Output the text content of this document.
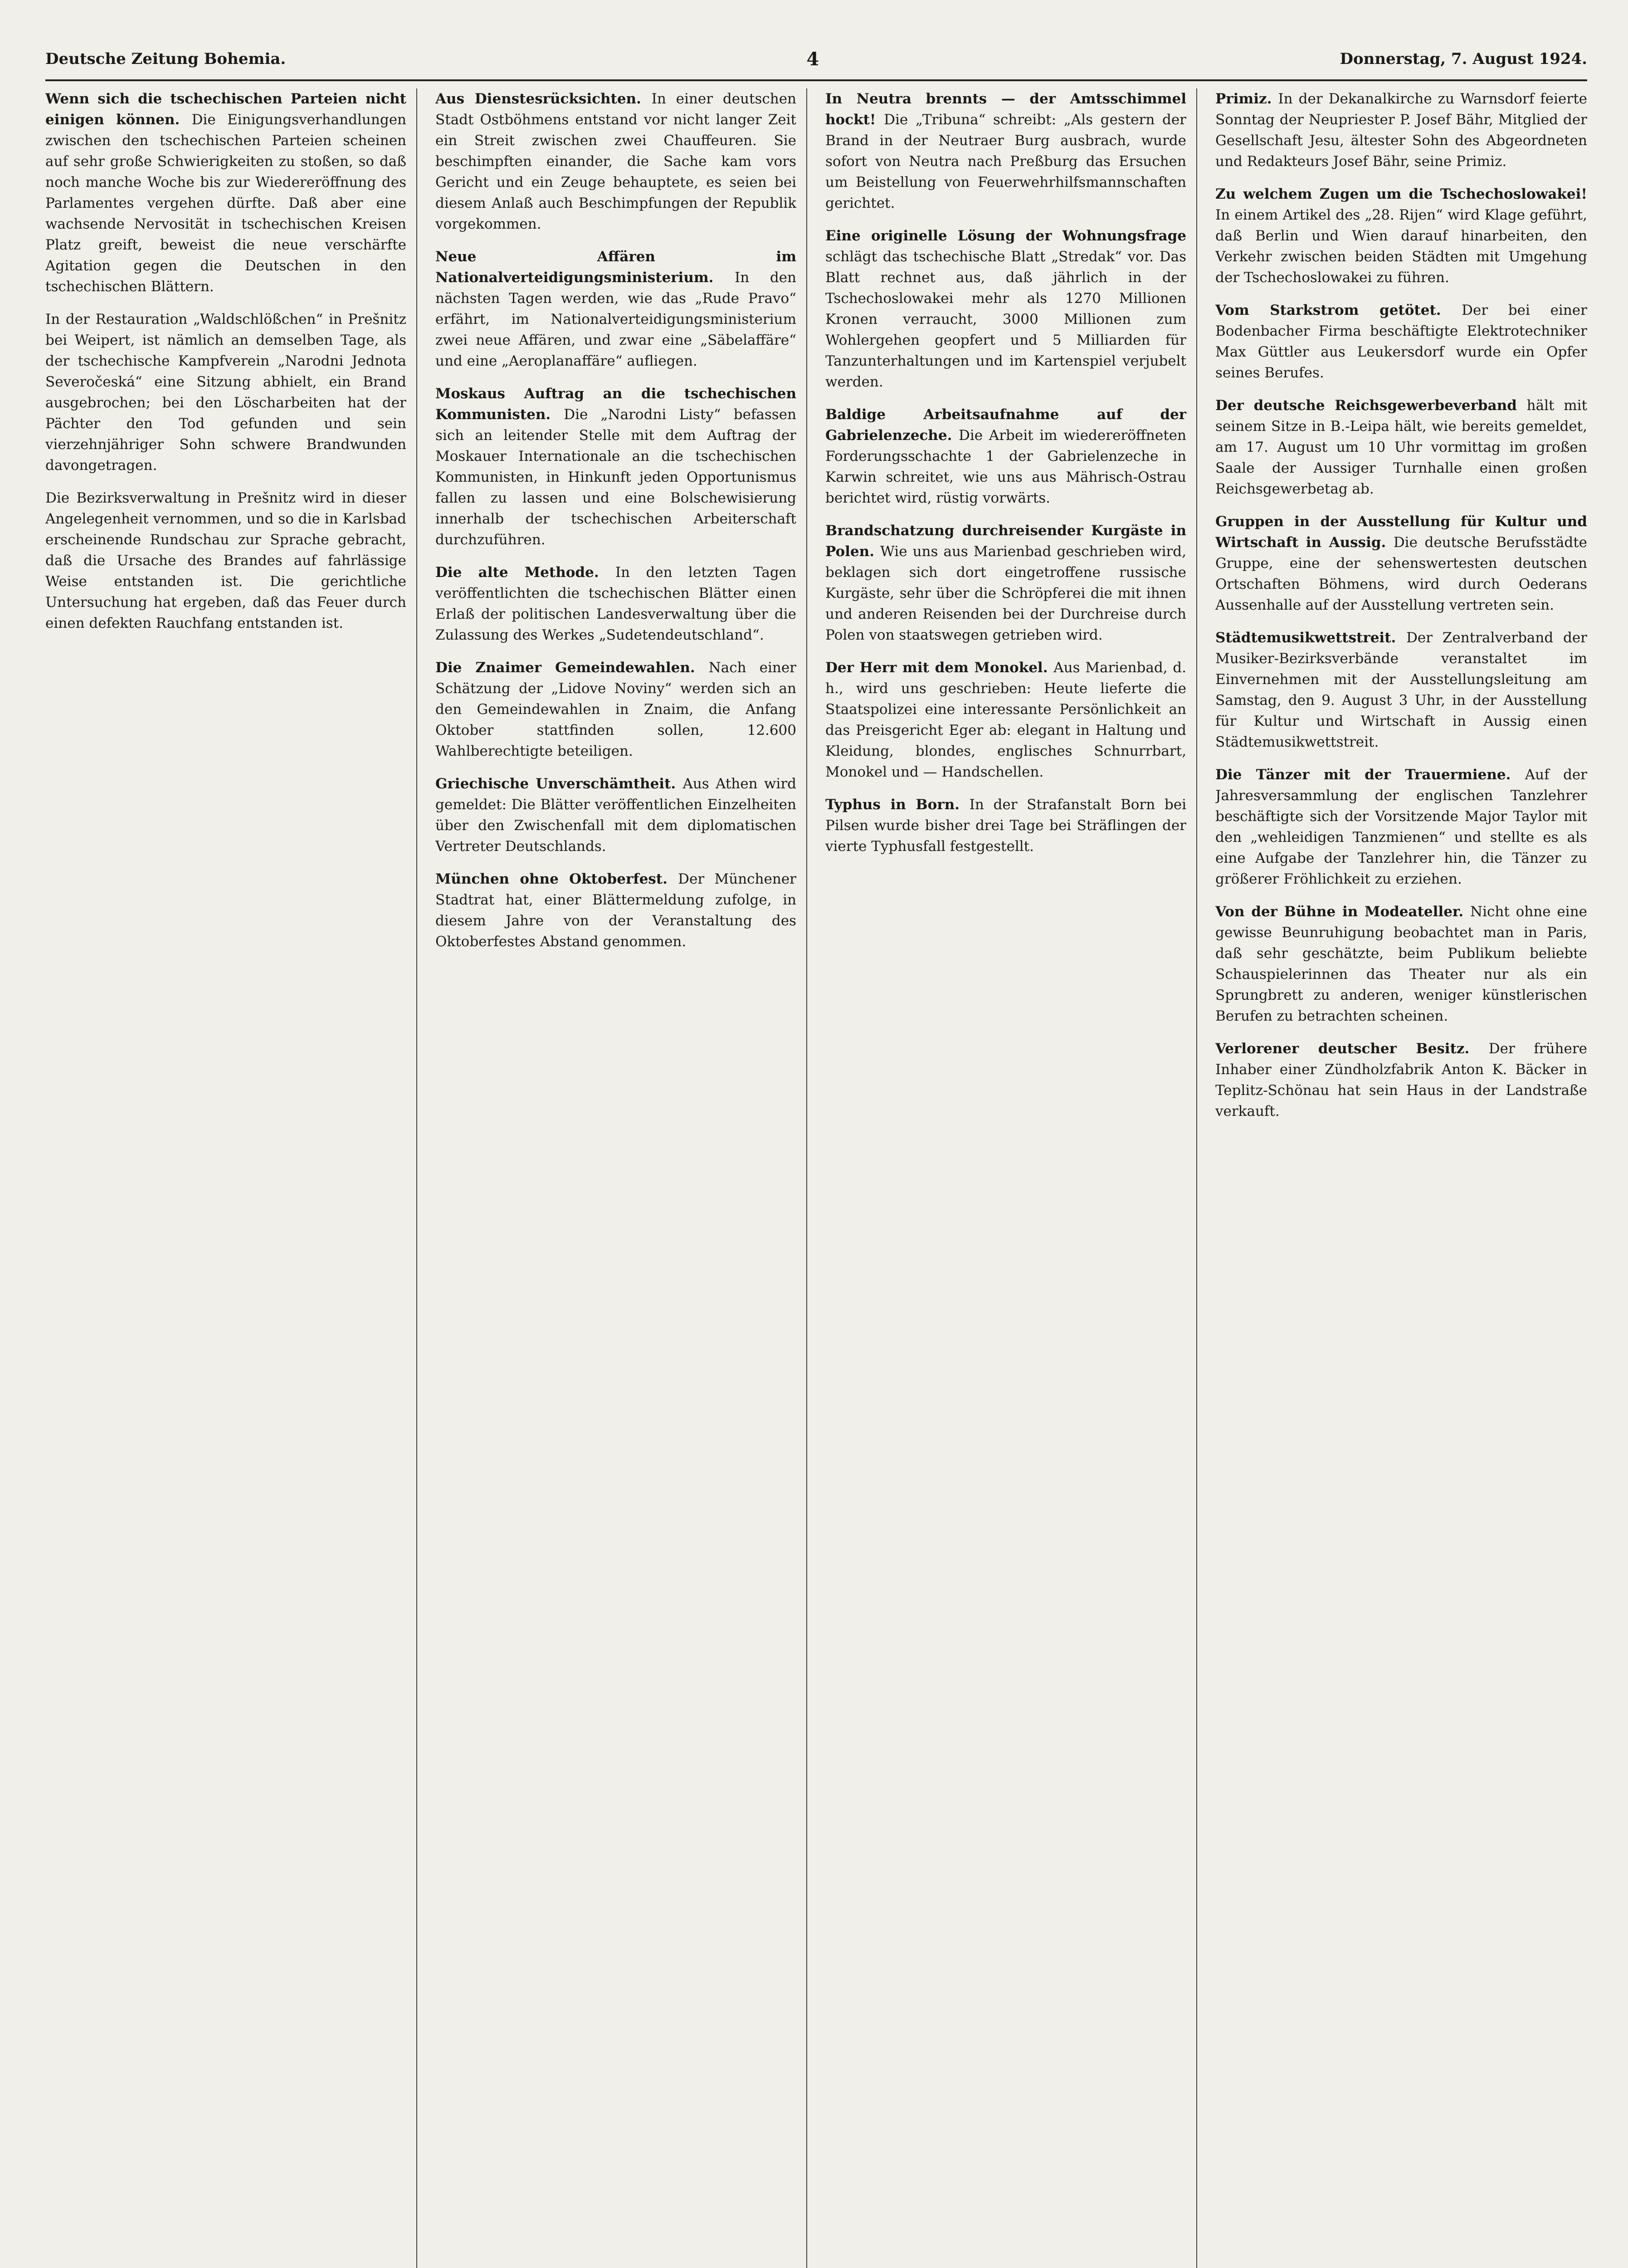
Deutsche Zeitung Bohemia.	4	Donnerstag, 7. August 1924.

Wenn sich die tschechischen Parteien nicht einigen können. Die Einigungsverhandlungen zwischen den tschechischen Parteien scheinen auf sehr große Schwierigkeiten zu stoßen, so daß noch manche Woche bis zur Wiedereröffnung des Parlamentes vergehen dürfte. Daß aber eine wachsende Nervosität in tschechischen Kreisen Platz greift, beweist die neue verschärfte Agitation gegen die Deutschen in den tschechischen Blättern.

In der Restauration „Waldschlößchen“ in Prešnitz bei Weipert, ist nämlich an demselben Tage, als der tschechische Kampfverein „Narodni Jednota Severočeská“ eine Sitzung abhielt, ein Brand ausgebrochen; bei den Löscharbeiten hat der Pächter den Tod gefunden und sein vierzehnjähriger Sohn schwere Brandwunden davongetragen.

Die Bezirksverwaltung in Prešnitz wird in dieser Angelegenheit vernommen, und so die in Karlsbad erscheinende Rundschau zur Sprache gebracht, daß die Ursache des Brandes auf fahrlässige Weise entstanden ist. Die gerichtliche Untersuchung hat ergeben, daß das Feuer durch einen defekten Rauchfang entstanden ist.

Aus Dienstesrücksichten. In einer deutschen Stadt Ostböhmens entstand vor nicht langer Zeit ein Streit zwischen zwei Chauffeuren. Sie beschimpften einander, die Sache kam vors Gericht und ein Zeuge behauptete, es seien bei diesem Anlaß auch Beschimpfungen der Republik vorgekommen.

Neue Affären im Nationalverteidigungsministerium. In den nächsten Tagen werden, wie das „Rude Pravo“ erfährt, im Nationalverteidigungsministerium zwei neue Affären, und zwar eine „Säbelaffäre“ und eine „Aeroplanaffäre“ aufliegen.

Moskaus Auftrag an die tschechischen Kommunisten. Die „Narodni Listy“ befassen sich an leitender Stelle mit dem Auftrag der Moskauer Internationale an die tschechischen Kommunisten, in Hinkunft jeden Opportunismus fallen zu lassen und eine Bolschewisierung innerhalb der tschechischen Arbeiterschaft durchzuführen.

Die alte Methode. In den letzten Tagen veröffentlichten die tschechischen Blätter einen Erlaß der politischen Landesverwaltung über die Zulassung des Werkes „Sudetendeutschland“.

Die Znaimer Gemeindewahlen. Nach einer Schätzung der „Lidove Noviny“ werden sich an den Gemeindewahlen in Znaim, die Anfang Oktober stattfinden sollen, 12.600 Wahlberechtigte beteiligen.

Griechische Unverschämtheit. Aus Athen wird gemeldet: Die Blätter veröffentlichen Einzelheiten über den Zwischenfall mit dem diplomatischen Vertreter Deutschlands.

München ohne Oktoberfest. Der Münchener Stadtrat hat, einer Blättermeldung zufolge, in diesem Jahre von der Veranstaltung des Oktoberfestes Abstand genommen.

In Neutra brennts — der Amtsschimmel hockt! Die „Tribuna“ schreibt: „Als gestern der Brand in der Neutraer Burg ausbrach, wurde sofort von Neutra nach Preßburg das Ersuchen um Beistellung von Feuerwehrhilfsmannschaften gerichtet.

Eine originelle Lösung der Wohnungsfrage schlägt das tschechische Blatt „Stredak“ vor. Das Blatt rechnet aus, daß jährlich in der Tschechoslowakei mehr als 1270 Millionen Kronen verraucht, 3000 Millionen zum Wohlergehen geopfert und 5 Milliarden für Tanzunterhaltungen und im Kartenspiel verjubelt werden.

Baldige Arbeitsaufnahme auf der Gabrielenzeche. Die Arbeit im wiedereröffneten Forderungsschachte 1 der Gabrielenzeche in Karwin schreitet, wie uns aus Mährisch-Ostrau berichtet wird, rüstig vorwärts.

Brandschatzung durchreisender Kurgäste in Polen. Wie uns aus Marienbad geschrieben wird, beklagen sich dort eingetroffene russische Kurgäste, sehr über die Schröpferei die mit ihnen und anderen Reisenden bei der Durchreise durch Polen von staatswegen getrieben wird.

Der Herr mit dem Monokel. Aus Marienbad, d. h., wird uns geschrieben: Heute lieferte die Staatspolizei eine interessante Persönlichkeit an das Preisgericht Eger ab: elegant in Haltung und Kleidung, blondes, englisches Schnurrbart, Monokel und — Handschellen.

Typhus in Born. In der Strafanstalt Born bei Pilsen wurde bisher drei Tage bei Sträflingen der vierte Typhusfall festgestellt.

Primiz. In der Dekanalkirche zu Warnsdorf feierte Sonntag der Neupriester P. Josef Bähr, Mitglied der Gesellschaft Jesu, ältester Sohn des Abgeordneten und Redakteurs Josef Bähr, seine Primiz.

Zu welchem Zugen um die Tschechoslowakei! In einem Artikel des „28. Rijen“ wird Klage geführt, daß Berlin und Wien darauf hinarbeiten, den Verkehr zwischen beiden Städten mit Umgehung der Tschechoslowakei zu führen.

Vom Starkstrom getötet. Der bei einer Bodenbacher Firma beschäftigte Elektrotechniker Max Güttler aus Leukersdorf wurde ein Opfer seines Berufes.

Der deutsche Reichsgewerbeverband hält mit seinem Sitze in B.-Leipa hält, wie bereits gemeldet, am 17. August um 10 Uhr vormittag im großen Saale der Aussiger Turnhalle einen großen Reichsgewerbetag ab.

Gruppen in der Ausstellung für Kultur und Wirtschaft in Aussig. Die deutsche Berufsstädte Gruppe, eine der sehenswertesten deutschen Ortschaften Böhmens, wird durch Oederans Aussenhalle auf der Ausstellung vertreten sein.

Städtemusikwettstreit. Der Zentralverband der Musiker-Bezirksverbände veranstaltet im Einvernehmen mit der Ausstellungsleitung am Samstag, den 9. August 3 Uhr, in der Ausstellung für Kultur und Wirtschaft in Aussig einen Städtemusikwettstreit.

Die Tänzer mit der Trauermiene. Auf der Jahresversammlung der englischen Tanzlehrer beschäftigte sich der Vorsitzende Major Taylor mit den „wehleidigen Tanzmienen“ und stellte es als eine Aufgabe der Tanzlehrer hin, die Tänzer zu größerer Fröhlichkeit zu erziehen.

Von der Bühne in Modeateller. Nicht ohne eine gewisse Beunruhigung beobachtet man in Paris, daß sehr geschätzte, beim Publikum beliebte Schauspielerinnen das Theater nur als ein Sprungbrett zu anderen, weniger künstlerischen Berufen zu betrachten scheinen.

Verlorener deutscher Besitz. Der frühere Inhaber einer Zündholzfabrik Anton K. Bäcker in Teplitz-Schönau hat sein Haus in der Landstraße verkauft.
